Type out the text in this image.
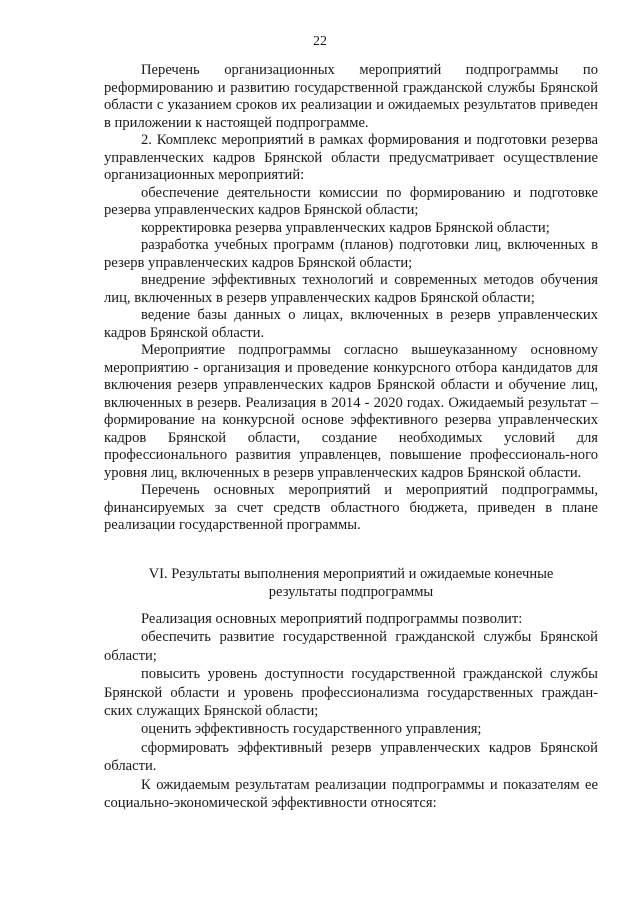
22

Перечень организационных мероприятий подпрограммы по реформированию и развитию государственной гражданской службы Брянской области с указанием сроков их реализации и ожидаемых результатов приведен в приложении к настоящей подпрограмме.

2. Комплекс мероприятий в рамках формирования и подготовки резерва управленческих кадров Брянской области предусматривает осуществление организационных мероприятий:

обеспечение деятельности комиссии по формированию и подготовке резерва управленческих кадров Брянской области;

корректировка резерва управленческих кадров Брянской области;

разработка учебных программ (планов) подготовки лиц, включенных в резерв управленческих кадров Брянской области;

внедрение эффективных технологий и современных методов обучения лиц, включенных в резерв управленческих кадров Брянской области;

ведение базы данных о лицах, включенных в резерв управленческих кадров Брянской области.

Мероприятие подпрограммы согласно вышеуказанному основному мероприятию - организация и проведение конкурсного отбора кандидатов для включения резерв управленческих кадров Брянской области и обучение лиц, включенных в резерв. Реализация в 2014 - 2020 годах. Ожидаемый результат – формирование на конкурсной основе эффективного резерва управленческих кадров Брянской области, создание необходимых условий для профессионального развития управленцев, повышение профессиональ-ного уровня лиц, включенных в резерв управленческих кадров Брянской области.

Перечень основных мероприятий и мероприятий подпрограммы, финансируемых за счет средств областного бюджета, приведен в плане реализации государственной программы.

VI. Результаты выполнения мероприятий и ожидаемые конечные
результаты подпрограммы

Реализация основных мероприятий подпрограммы позволит:

обеспечить развитие государственной гражданской службы Брянской области;

повысить уровень доступности государственной гражданской службы Брянской области и уровень профессионализма государственных граждан-ских служащих Брянской области;

оценить эффективность государственного управления;

сформировать эффективный резерв управленческих кадров Брянской области.

К ожидаемым результатам реализации подпрограммы и показателям ее социально-экономической эффективности относятся:
